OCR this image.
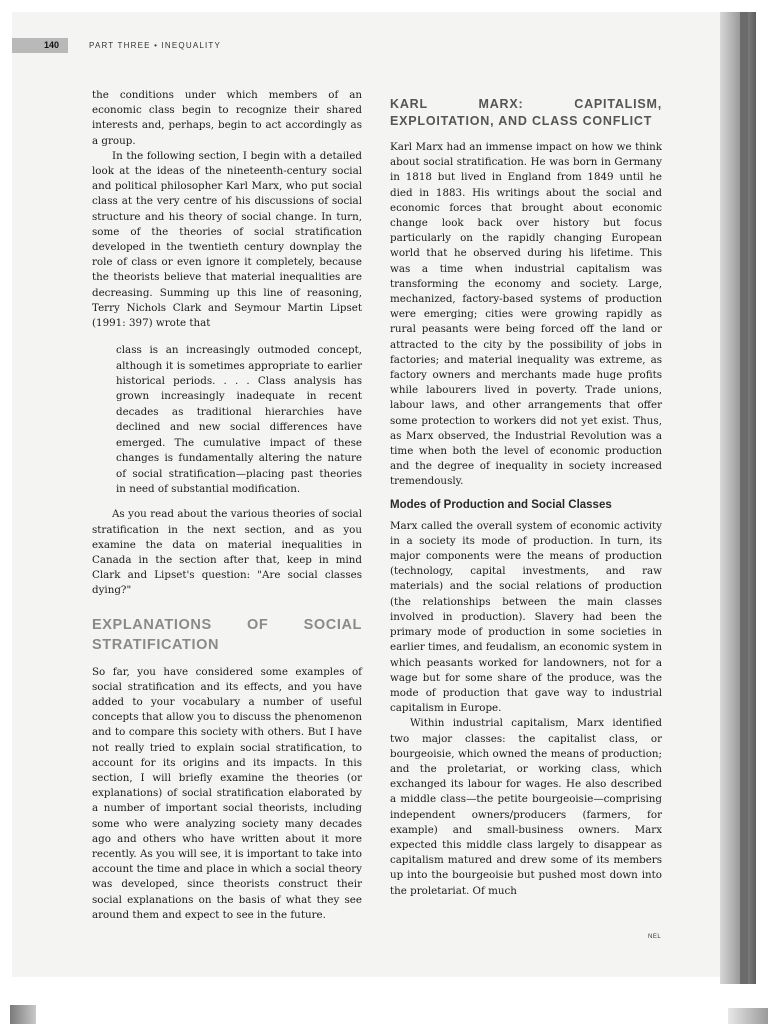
140	PART THREE • INEQUALITY

the conditions under which members of an economic class begin to recognize their shared interests and, perhaps, begin to act accordingly as a group.

In the following section, I begin with a detailed look at the ideas of the nineteenth-century social and political philosopher Karl Marx, who put social class at the very centre of his discussions of social structure and his theory of social change. In turn, some of the theories of social stratification developed in the twentieth century downplay the role of class or even ignore it completely, because the theorists believe that material inequalities are decreasing. Summing up this line of reasoning, Terry Nichols Clark and Seymour Martin Lipset (1991: 397) wrote that

class is an increasingly outmoded concept, although it is sometimes appropriate to earlier historical periods. . . . Class analysis has grown increasingly inadequate in recent decades as traditional hierarchies have declined and new social differences have emerged. The cumulative impact of these changes is fundamentally altering the nature of social stratification—placing past theories in need of substantial modification.

As you read about the various theories of social stratification in the next section, and as you examine the data on material inequalities in Canada in the section after that, keep in mind Clark and Lipset's question: "Are social classes dying?"

EXPLANATIONS OF SOCIAL STRATIFICATION

So far, you have considered some examples of social stratification and its effects, and you have added to your vocabulary a number of useful concepts that allow you to discuss the phenomenon and to compare this society with others. But I have not really tried to explain social stratification, to account for its origins and its impacts. In this section, I will briefly examine the theories (or explanations) of social stratification elaborated by a number of important social theorists, including some who were analyzing society many decades ago and others who have written about it more recently. As you will see, it is important to take into account the time and place in which a social theory was developed, since theorists construct their social explanations on the basis of what they see around them and expect to see in the future.

KARL MARX: CAPITALISM, EXPLOITATION, AND CLASS CONFLICT

Karl Marx had an immense impact on how we think about social stratification. He was born in Germany in 1818 but lived in England from 1849 until he died in 1883. His writings about the social and economic forces that brought about economic change look back over history but focus particularly on the rapidly changing European world that he observed during his lifetime. This was a time when industrial capitalism was transforming the economy and society. Large, mechanized, factory-based systems of production were emerging; cities were growing rapidly as rural peasants were being forced off the land or attracted to the city by the possibility of jobs in factories; and material inequality was extreme, as factory owners and merchants made huge profits while labourers lived in poverty. Trade unions, labour laws, and other arrangements that offer some protection to workers did not yet exist. Thus, as Marx observed, the Industrial Revolution was a time when both the level of economic production and the degree of inequality in society increased tremendously.

Modes of Production and Social Classes

Marx called the overall system of economic activity in a society its mode of production. In turn, its major components were the means of production (technology, capital investments, and raw materials) and the social relations of production (the relationships between the main classes involved in production). Slavery had been the primary mode of production in some societies in earlier times, and feudalism, an economic system in which peasants worked for landowners, not for a wage but for some share of the produce, was the mode of production that gave way to industrial capitalism in Europe.

Within industrial capitalism, Marx identified two major classes: the capitalist class, or bourgeoisie, which owned the means of production; and the proletariat, or working class, which exchanged its labour for wages. He also described a middle class—the petite bourgeoisie—comprising independent owners/producers (farmers, for example) and small-business owners. Marx expected this middle class largely to disappear as capitalism matured and drew some of its members up into the bourgeoisie but pushed most down into the proletariat. Of much

NEL
